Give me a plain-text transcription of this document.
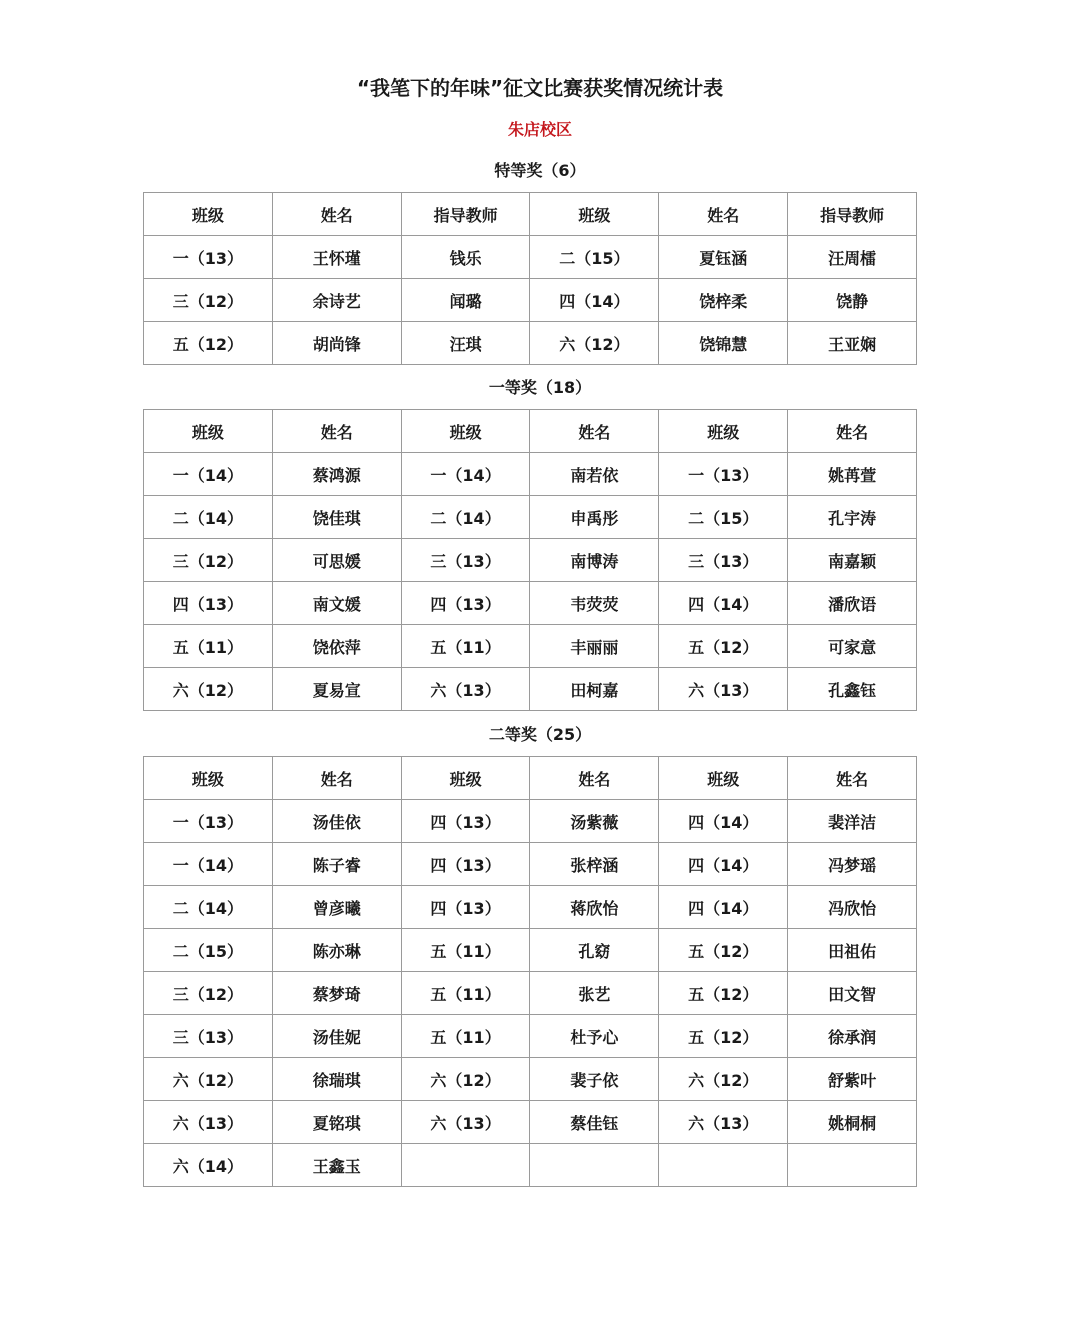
“我笔下的年味”征文比赛获奖情况统计表
朱店校区
特等奖（6）
班级	姓名	指导教师	班级	姓名	指导教师
一（13）	王怀瑾	钱乐	二（15）	夏钰涵	汪周檑
三（12）	余诗艺	闻璐	四（14）	饶梓柔	饶静
五（12）	胡尚锋	汪琪	六（12）	饶锦慧	王亚娴
一等奖（18）
班级	姓名	班级	姓名	班级	姓名
一（14）	蔡鸿源	一（14）	南若依	一（13）	姚苒萱
二（14）	饶佳琪	二（14）	申禹彤	二（15）	孔宇涛
三（12）	可思媛	三（13）	南博涛	三（13）	南嘉颖
四（13）	南文媛	四（13）	韦荧荧	四（14）	潘欣语
五（11）	饶依萍	五（11）	丰丽丽	五（12）	可家意
六（12）	夏易宣	六（13）	田柯嘉	六（13）	孔鑫钰
二等奖（25）
班级	姓名	班级	姓名	班级	姓名
一（13）	汤佳依	四（13）	汤紫薇	四（14）	裴洋洁
一（14）	陈子睿	四（13）	张梓涵	四（14）	冯梦瑶
二（14）	曾彦曦	四（13）	蒋欣怡	四（14）	冯欣怡
二（15）	陈亦琳	五（11）	孔窈	五（12）	田祖佑
三（12）	蔡梦琦	五（11）	张艺	五（12）	田文智
三（13）	汤佳妮	五（11）	杜予心	五（12）	徐承润
六（12）	徐瑞琪	六（12）	裴子依	六（12）	舒紫叶
六（13）	夏铭琪	六（13）	蔡佳钰	六（13）	姚桐桐
六（14）	王鑫玉				
